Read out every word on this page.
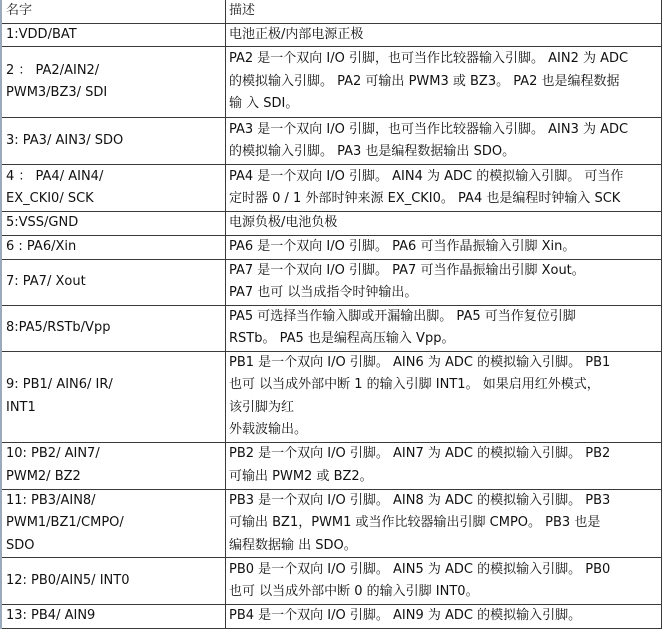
名字	描述

1:VDD/BAT	电池正极/内部电源正极

2 ： PA2/AIN2/
PWM3/BZ3/ SDI	PA2 是一个双向 I/O 引脚，也可当作比较器输入引脚。 AIN2 为 ADC
的模拟输入引脚。 PA2 可输出 PWM3 或 BZ3。 PA2 也是编程数据
输 入 SDI。

3: PA3/ AIN3/ SDO	PA3 是一个双向 I/O 引脚，也可当作比较器输入引脚。 AIN3 为 ADC
的模拟输入引脚。 PA3 也是编程数据输出 SDO。

4 ： PA4/ AIN4/
EX_CKI0/ SCK	PA4 是一个双向 I/O 引脚。 AIN4 为 ADC 的模拟输入引脚。 可当作
定时器 0 / 1 外部时钟来源 EX_CKI0。 PA4 也是编程时钟输入 SCK

5:VSS/GND	电源负极/电池负极

6 : PA6/Xin	PA6 是一个双向 I/O 引脚。 PA6 可当作晶振输入引脚 Xin。

7: PA7/ Xout	PA7 是一个双向 I/O 引脚。 PA7 可当作晶振输出引脚 Xout。
PA7 也可 以当成指令时钟输出。

8:PA5/RSTb/Vpp	PA5 可选择当作输入脚或开漏输出脚。 PA5 可当作复位引脚
RSTb。 PA5 也是编程高压输入 Vpp。

9: PB1/ AIN6/ IR/
INT1	PB1 是一个双向 I/O 引脚。 AIN6 为 ADC 的模拟输入引脚。 PB1
也可 以当成外部中断 1 的输入引脚 INT1。 如果启用红外模式，
该引脚为红
外载波输出。

10: PB2/ AIN7/
PWM2/ BZ2	PB2 是一个双向 I/O 引脚。 AIN7 为 ADC 的模拟输入引脚。 PB2
可输出 PWM2 或 BZ2。

11: PB3/AIN8/
PWM1/BZ1/CMPO/
SDO	PB3 是一个双向 I/O 引脚。 AIN8 为 ADC 的模拟输入引脚。 PB3
可输出 BZ1，PWM1 或当作比较器输出引脚 CMPO。 PB3 也是
编程数据输 出 SDO。

12: PB0/AIN5/ INT0	PB0 是一个双向 I/O 引脚。 AIN5 为 ADC 的模拟输入引脚。 PB0
也可 以当成外部中断 0 的输入引脚 INT0。

13: PB4/ AIN9	PB4 是一个双向 I/O 引脚。 AIN9 为 ADC 的模拟输入引脚。
